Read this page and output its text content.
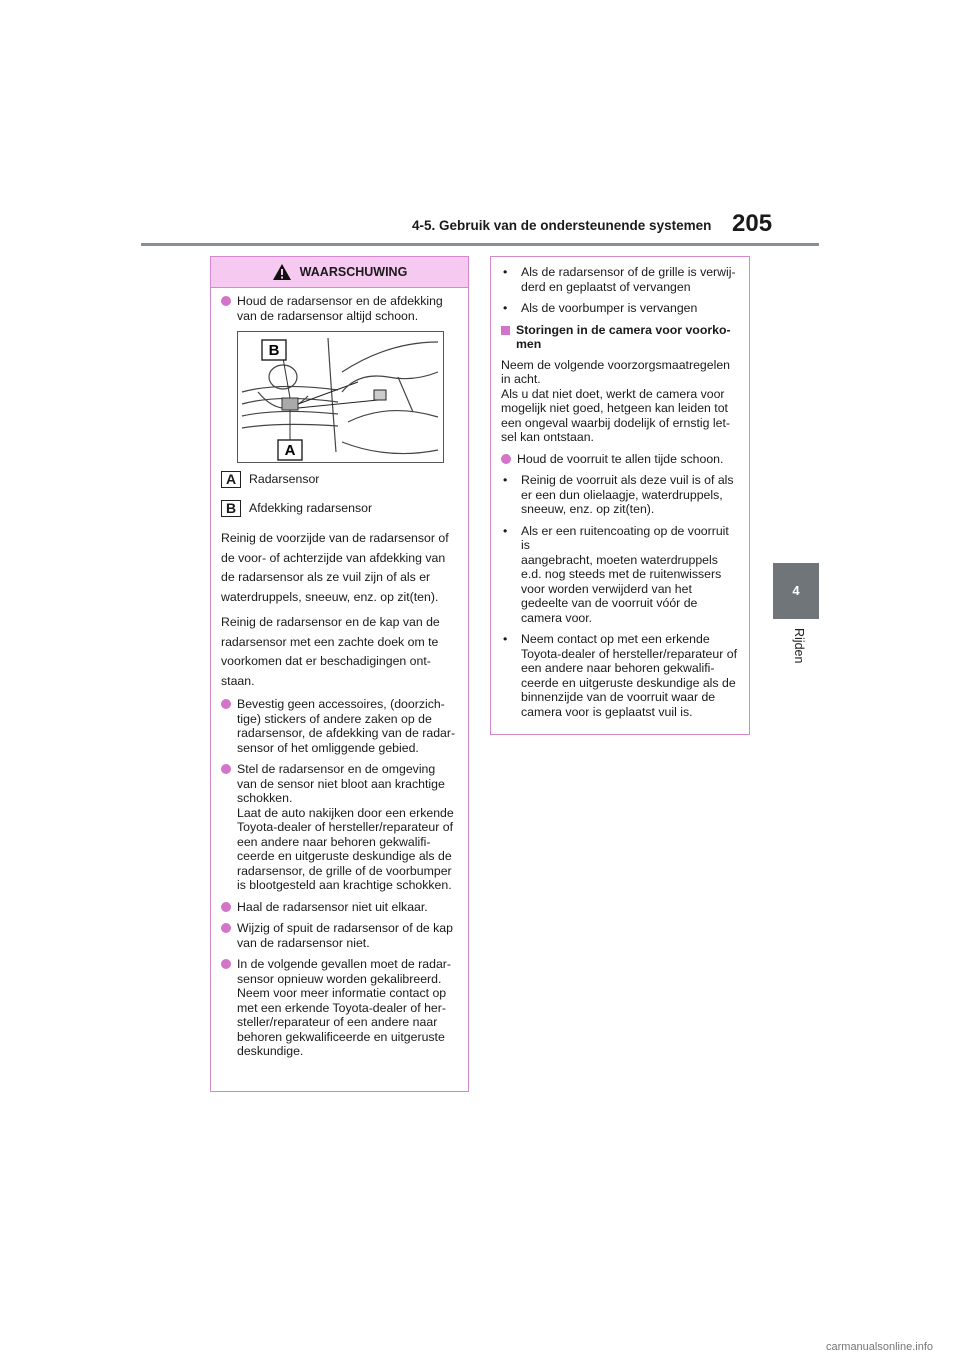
4-5. Gebruik van de ondersteunende systemen 205
4
Rijden
WAARSCHUWING
Houd de radarsensor en de afdekking
van de radarsensor altijd schoon.
B
A
A	Radarsensor
B	Afdekking radarsensor
Reinig de voorzijde van de radarsensor of
de voor- of achterzijde van afdekking van
de radarsensor als ze vuil zijn of als er
waterdruppels, sneeuw, enz. op zit(ten).
Reinig de radarsensor en de kap van de
radarsensor met een zachte doek om te
voorkomen dat er beschadigingen ont-
staan.
Bevestig geen accessoires, (doorzich-
tige) stickers of andere zaken op de
radarsensor, de afdekking van de radar-
sensor of het omliggende gebied.
Stel de radarsensor en de omgeving
van de sensor niet bloot aan krachtige
schokken.
Laat de auto nakijken door een erkende
Toyota-dealer of hersteller/reparateur of
een andere naar behoren gekwalifi-
ceerde en uitgeruste deskundige als de
radarsensor, de grille of de voorbumper
is blootgesteld aan krachtige schokken.
Haal de radarsensor niet uit elkaar.
Wijzig of spuit de radarsensor of de kap
van de radarsensor niet.
In de volgende gevallen moet de radar-
sensor opnieuw worden gekalibreerd.
Neem voor meer informatie contact op
met een erkende Toyota-dealer of her-
steller/reparateur of een andere naar
behoren gekwalificeerde en uitgeruste
deskundige.
•	Als de radarsensor of de grille is verwij-
derd en geplaatst of vervangen
•	Als de voorbumper is vervangen
Storingen in de camera voor voorko-
men
Neem de volgende voorzorgsmaatregelen
in acht.
Als u dat niet doet, werkt de camera voor
mogelijk niet goed, hetgeen kan leiden tot
een ongeval waarbij dodelijk of ernstig let-
sel kan ontstaan.
Houd de voorruit te allen tijde schoon.
•	Reinig de voorruit als deze vuil is of als
er een dun olielaagje, waterdruppels,
sneeuw, enz. op zit(ten).
•	Als er een ruitencoating op de voorruit is
aangebracht, moeten waterdruppels
e.d. nog steeds met de ruitenwissers
voor worden verwijderd van het
gedeelte van de voorruit vóór de
camera voor.
•	Neem contact op met een erkende
Toyota-dealer of hersteller/reparateur of
een andere naar behoren gekwalifi-
ceerde en uitgeruste deskundige als de
binnenzijde van de voorruit waar de
camera voor is geplaatst vuil is.
carmanualsonline.info
